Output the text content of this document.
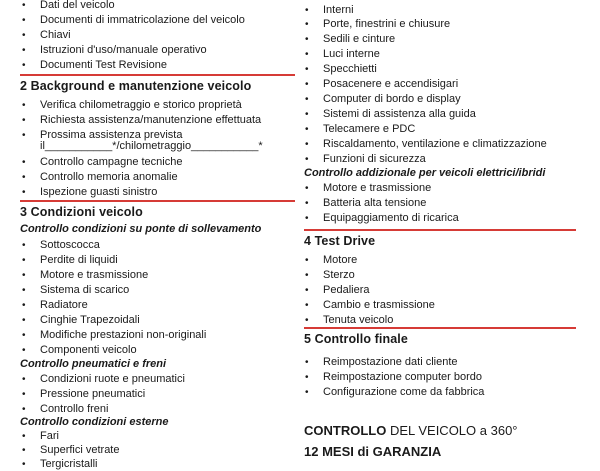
• Dati del veicolo
• Documenti di immatricolazione del veicolo
• Chiavi
• Istruzioni d'uso/manuale operativo
• Documenti Test Revisione
2 Background e manutenzione veicolo
• Verifica chilometraggio e storico proprietà
• Richiesta assistenza/manutenzione effettuata
• Prossima assistenza prevista
il___________*/chilometraggio___________*
• Controllo campagne tecniche
• Controllo memoria anomalie
• Ispezione guasti sinistro
3 Condizioni veicolo
Controllo condizioni su ponte di sollevamento
• Sottoscocca
• Perdite di liquidi
• Motore e trasmissione
• Sistema di scarico
• Radiatore
• Cinghie Trapezoidali
• Modifiche prestazioni non-originali
• Componenti veicolo
Controllo pneumatici e freni
• Condizioni ruote e pneumatici
• Pressione pneumatici
• Controllo freni
Controllo condizioni esterne
• Fari
• Superfici vetrate
• Tergicristalli
• Interni
• Porte, finestrini e chiusure
• Sedili e cinture
• Luci interne
• Specchietti
• Posacenere e accendisigari
• Computer di bordo e display
• Sistemi di assistenza alla guida
• Telecamere e PDC
• Riscaldamento, ventilazione e climatizzazione
• Funzioni di sicurezza
Controllo addizionale per veicoli elettrici/ibridi
• Motore e trasmissione
• Batteria alta tensione
• Equipaggiamento di ricarica
4 Test Drive
• Motore
• Sterzo
• Pedaliera
• Cambio e trasmissione
• Tenuta veicolo
5 Controllo finale
• Reimpostazione dati cliente
• Reimpostazione computer bordo
• Configurazione come da fabbrica
CONTROLLO DEL VEICOLO a 360°
12 MESI di GARANZIA
